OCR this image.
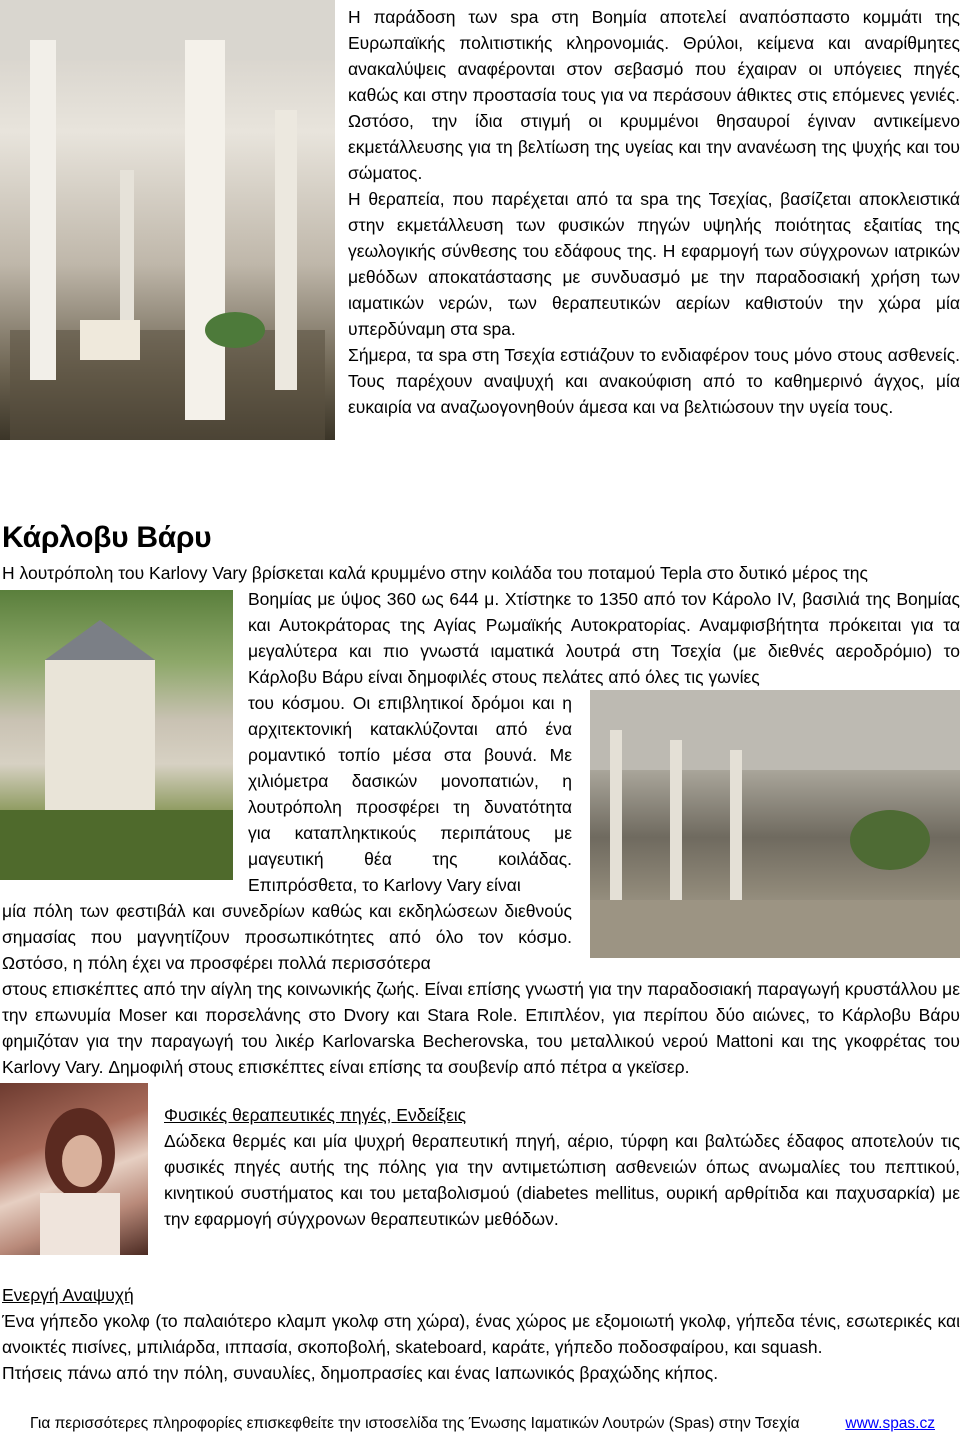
Η παράδοση των spa στη Βοημία αποτελεί αναπόσπαστο κομμάτι της Ευρωπαϊκής πολιτιστικής κληρονομιάς. Θρύλοι, κείμενα και αναρίθμητες ανακαλύψεις αναφέρονται στον σεβασμό που έχαιραν οι υπόγειες πηγές καθώς και στην προστασία τους για να περάσουν άθικτες στις επόμενες γενιές. Ωστόσο, την ίδια στιγμή οι κρυμμένοι θησαυροί έγιναν αντικείμενο εκμετάλλευσης για τη βελτίωση της υγείας και την ανανέωση της ψυχής και του σώματος.

Η θεραπεία, που παρέχεται από τα spa της Τσεχίας, βασίζεται αποκλειστικά στην εκμετάλλευση των φυσικών πηγών υψηλής ποιότητας εξαιτίας της γεωλογικής σύνθεσης του εδάφους της. Η εφαρμογή των σύγχρονων ιατρικών μεθόδων αποκατάστασης με συνδυασμό με την παραδοσιακή χρήση των ιαματικών νερών, των θεραπευτικών αερίων καθιστούν την χώρα μία υπερδύναμη στα spa.

Σήμερα, τα spa στη Τσεχία εστιάζουν το ενδιαφέρον τους μόνο στους ασθενείς. Τους παρέχουν αναψυχή και ανακούφιση από το καθημερινό άγχος, μία ευκαιρία να αναζωογονηθούν άμεσα και να βελτιώσουν την υγεία τους.

Κάρλοβυ Βάρυ

Η λουτρόπολη του Karlovy Vary βρίσκεται καλά κρυμμένο στην κοιλάδα του ποταμού Tepla στο δυτικό μέρος της

Βοημίας με ύψος 360 ως 644 μ. Χτίστηκε το 1350 από τον Κάρολο IV, βασιλιά της Βοημίας και Αυτοκράτορας της Αγίας Ρωμαϊκής Αυτοκρατορίας. Αναμφισβήτητα πρόκειται για τα μεγαλύτερα και πιο γνωστά ιαματικά λουτρά στη Τσεχία (με διεθνές αεροδρόμιο) το Κάρλοβυ Βάρυ είναι δημοφιλές στους πελάτες από όλες τις γωνίες

του κόσμου. Οι επιβλητικοί δρόμοι και η αρχιτεκτονική κατακλύζονται από ένα ρομαντικό τοπίο μέσα στα βουνά. Με χιλιόμετρα δασικών μονοπατιών, η λουτρόπολη προσφέρει τη δυνατότητα για καταπληκτικούς περιπάτους με μαγευτική θέα της κοιλάδας. Επιπρόσθετα, το Karlovy Vary είναι

μία πόλη των φεστιβάλ και συνεδρίων καθώς και εκδηλώσεων διεθνούς σημασίας που μαγνητίζουν προσωπικότητες από όλο τον κόσμο. Ωστόσο, η πόλη έχει να προσφέρει πολλά περισσότερα

στους επισκέπτες από την αίγλη της κοινωνικής ζωής. Είναι επίσης γνωστή για την παραδοσιακή παραγωγή κρυστάλλου με την επωνυμία Moser και πορσελάνης στο Dvory και Stara Role. Επιπλέον, για περίπου δύο αιώνες, το Κάρλοβυ Βάρυ φημιζόταν για την παραγωγή του λικέρ Karlovarska Becherovska, του μεταλλικού νερού Mattoni και της γκοφρέτας του Karlovy Vary. Δημοφιλή στους επισκέπτες είναι επίσης τα σουβενίρ από πέτρα α γκεϊσερ.

Φυσικές θεραπευτικές πηγές, Ενδείξεις

Δώδεκα θερμές και μία ψυχρή θεραπευτική πηγή, αέριο, τύρφη και βαλτώδες έδαφος αποτελούν τις φυσικές πηγές αυτής της πόλης για την αντιμετώπιση ασθενειών όπως ανωμαλίες του πεπτικού, κινητικού συστήματος και του μεταβολισμού (diabetes mellitus, ουρική αρθρίτιδα και παχυσαρκία) με την εφαρμογή σύγχρονων θεραπευτικών μεθόδων.

Ενεργή Αναψυχή

Ένα γήπεδο γκολφ (το παλαιότερο κλαμπ γκολφ στη χώρα), ένας χώρος με εξομοιωτή γκολφ, γήπεδα τένις, εσωτερικές και ανοικτές πισίνες, μπιλιάρδα, ιππασία, σκοποβολή, skateboard, καράτε, γήπεδο ποδοσφαίρου, και squash.

Πτήσεις πάνω από την πόλη, συναυλίες, δημοπρασίες και ένας Ιαπωνικός βραχώδης κήπος.

Για περισσότερες πληροφορίες επισκεφθείτε την ιστοσελίδα της Ένωσης Ιαματικών Λουτρών (Spas) στην Τσεχία	www.spas.cz
